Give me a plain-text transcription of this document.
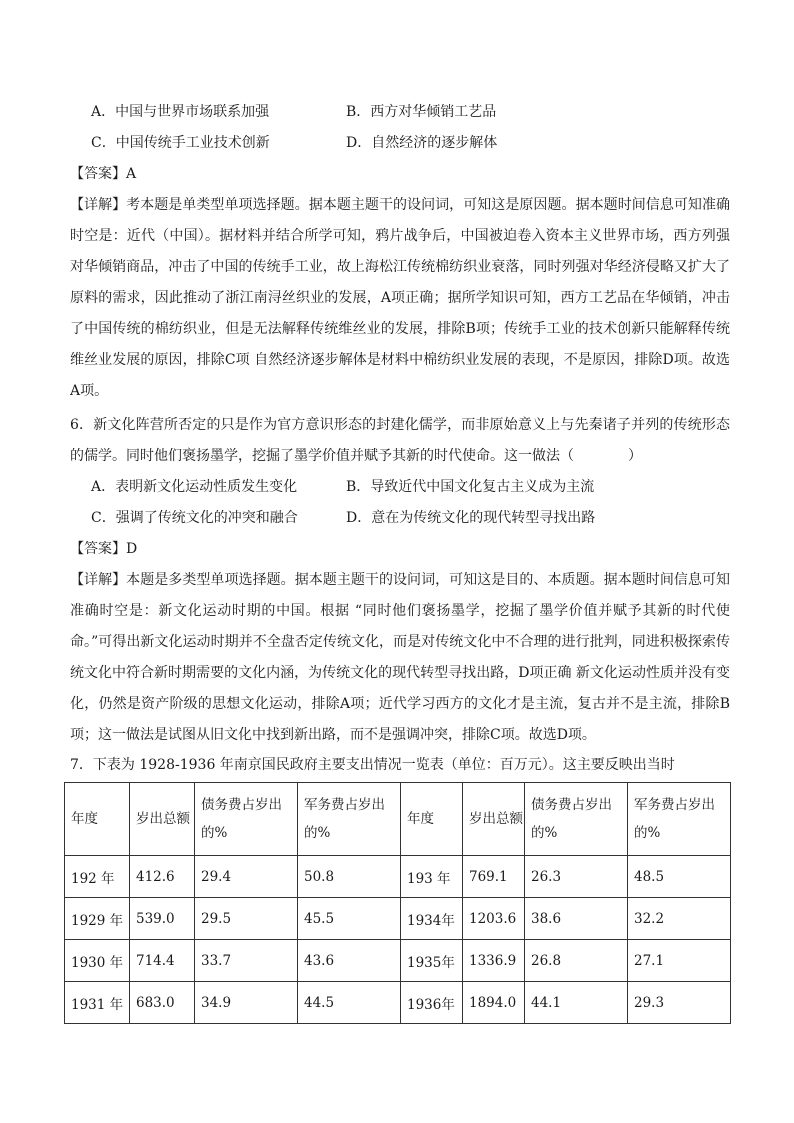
A．中国与世界市场联系加强	B．西方对华倾销工艺品
C．中国传统手工业技术创新	D．自然经济的逐步解体
【答案】A
【详解】考本题是单类型单项选择题。据本题主题干的设问词，可知这是原因题。据本题时间信息可知准确时空是：近代（中国）。据材料并结合所学可知，鸦片战争后，中国被迫卷入资本主义世界市场，西方列强对华倾销商品，冲击了中国的传统手工业，故上海松江传统棉纺织业衰落，同时列强对华经济侵略又扩大了原料的需求，因此推动了浙江南浔丝织业的发展，A项正确；据所学知识可知，西方工艺品在华倾销，冲击了中国传统的棉纺织业，但是无法解释传统维丝业的发展，排除B项；传统手工业的技术创新只能解释传统维丝业发展的原因，排除C项 自然经济逐步解体是材料中棉纺织业发展的表现，不是原因，排除D项。故选A项。
6．新文化阵营所否定的只是作为官方意识形态的封建化儒学，而非原始意义上与先秦诸子并列的传统形态的儒学。同时他们褒扬墨学，挖掘了墨学价值并赋予其新的时代使命。这一做法（	）
A．表明新文化运动性质发生变化	B．导致近代中国文化复古主义成为主流
C．强调了传统文化的冲突和融合	D．意在为传统文化的现代转型寻找出路
【答案】D
【详解】本题是多类型单项选择题。据本题主题干的设问词，可知这是目的、本质题。据本题时间信息可知准确时空是：新文化运动时期的中国。根据 “同时他们褒扬墨学，挖掘了墨学价值并赋予其新的时代使命。”可得出新文化运动时期并不全盘否定传统文化，而是对传统文化中不合理的进行批判，同进积极探索传统文化中符合新时期需要的文化内涵，为传统文化的现代转型寻找出路，D项正确 新文化运动性质并没有变化，仍然是资产阶级的思想文化运动，排除A项；近代学习西方的文化才是主流，复古并不是主流，排除B项；这一做法是试图从旧文化中找到新出路，而不是强调冲突，排除C项。故选D项。
7．下表为 1928-1936 年南京国民政府主要支出情况一览表（单位：百万元）。这主要反映出当时
年度	岁出总额	债务费占岁出的%	军务费占岁出的%	年度	岁出总额	债务费占岁出的%	军务费占岁出的%
192 年	412.6	29.4	50.8	193 年	769.1	26.3	48.5
1929 年	539.0	29.5	45.5	1934年	1203.6	38.6	32.2
1930 年	714.4	33.7	43.6	1935年	1336.9	26.8	27.1
1931 年	683.0	34.9	44.5	1936年	1894.0	44.1	29.3
